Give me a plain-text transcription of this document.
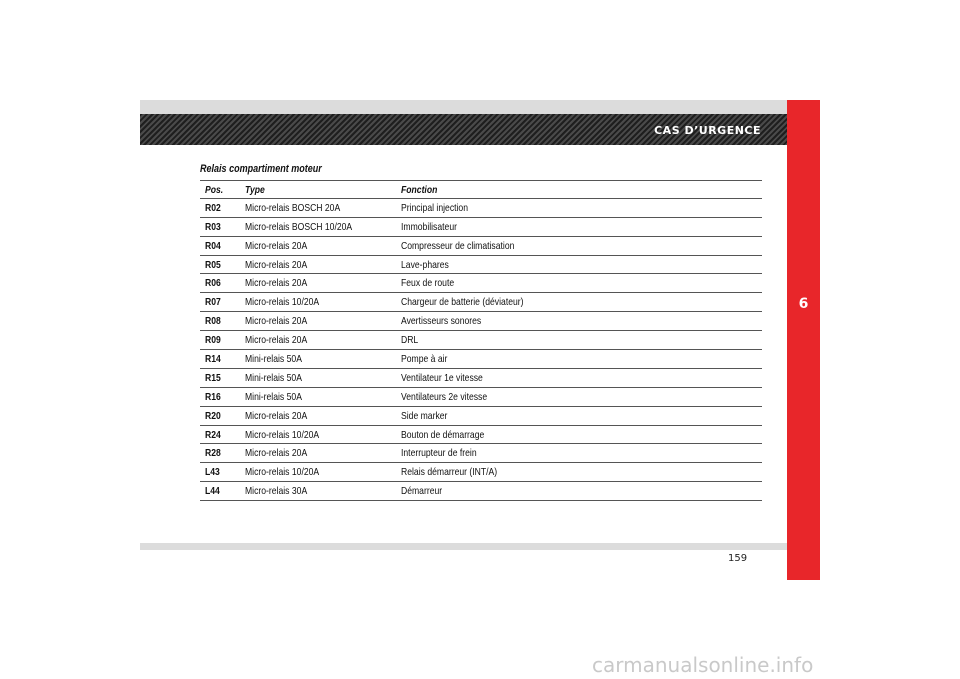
CAS D’URGENCE
6
Relais compartiment moteur
Pos. Type	Fonction
R02 Micro-relais BOSCH 20A	Principal injection
R03 Micro-relais BOSCH 10/20A	Immobilisateur
R04 Micro-relais 20A	Compresseur de climatisation
R05 Micro-relais 20A	Lave-phares
R06 Micro-relais 20A	Feux de route
R07 Micro-relais 10/20A	Chargeur de batterie (déviateur)
R08 Micro-relais 20A	Avertisseurs sonores
R09 Micro-relais 20A	DRL
R14 Mini-relais 50A	Pompe à air
R15 Mini-relais 50A	Ventilateur 1e vitesse
R16 Mini-relais 50A	Ventilateurs 2e vitesse
R20 Micro-relais 20A	Side marker
R24 Micro-relais 10/20A	Bouton de démarrage
R28 Micro-relais 20A	Interrupteur de frein
L43 Micro-relais 10/20A	Relais démarreur (INT/A)
L44 Micro-relais 30A	Démarreur
159
carmanualsonline.info
